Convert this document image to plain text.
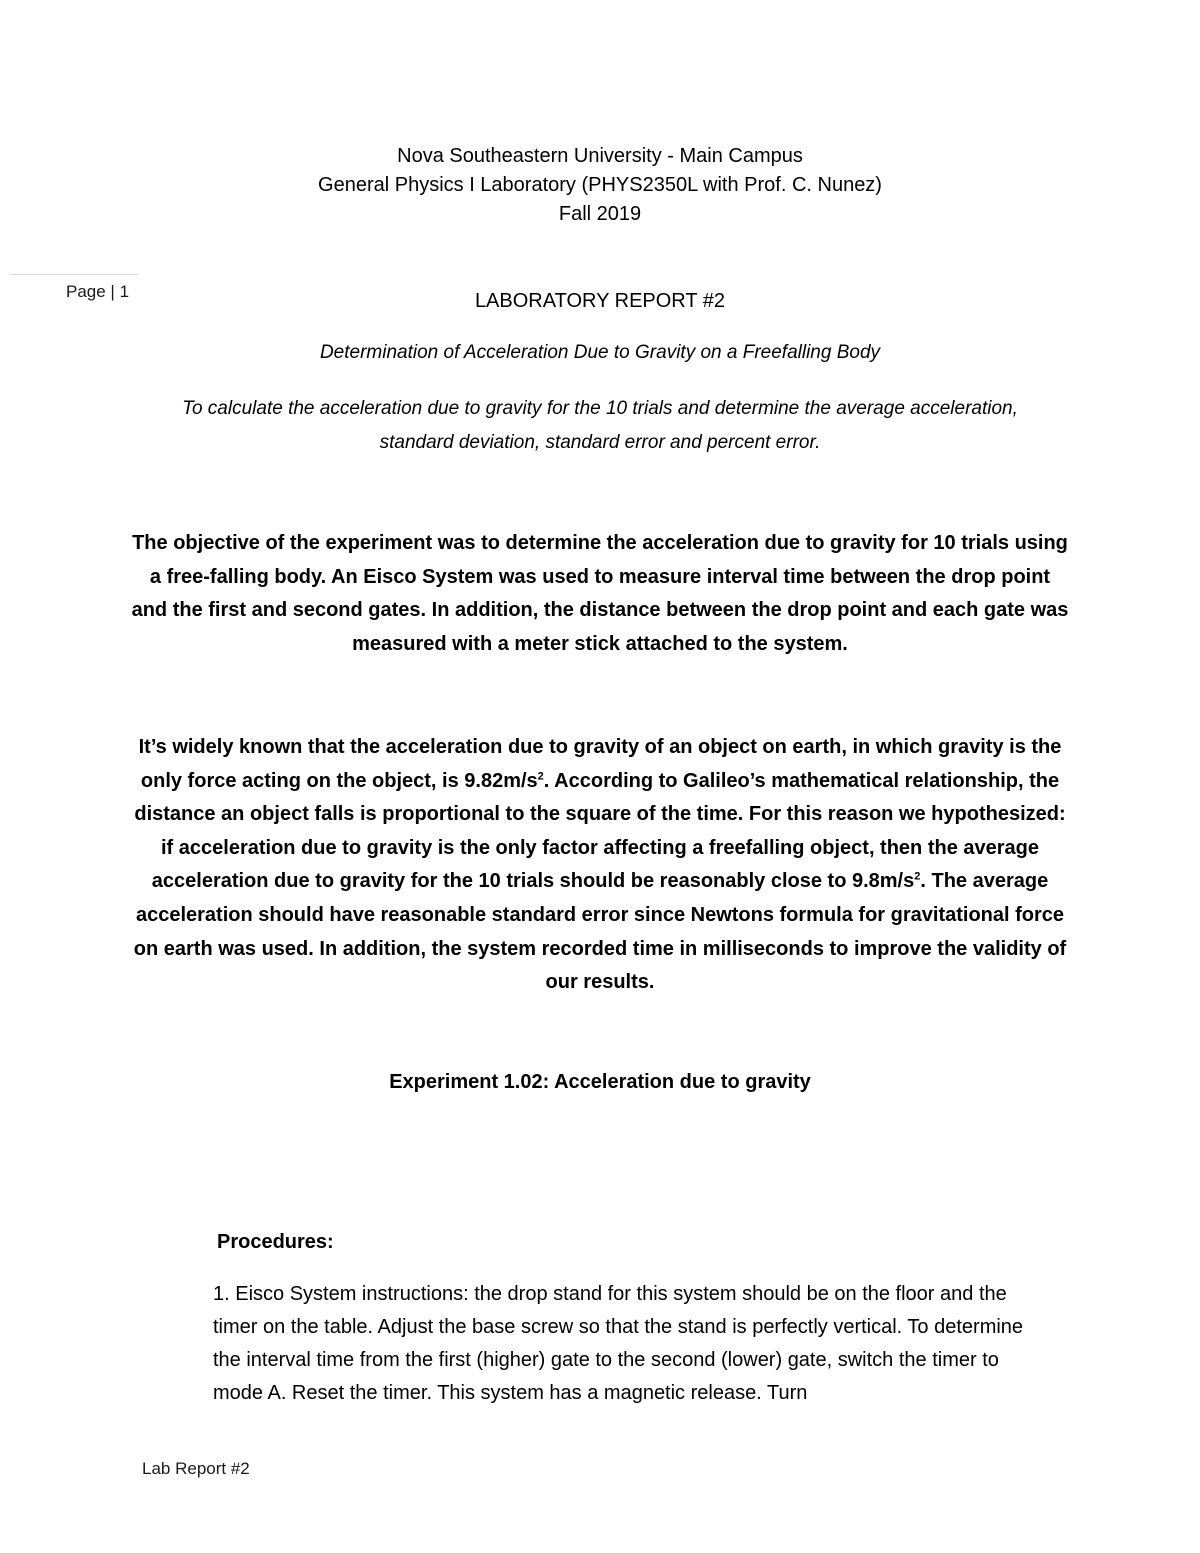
Page | 1
Nova Southeastern University - Main Campus
General Physics I Laboratory (PHYS2350L with Prof. C. Nunez)
Fall 2019
LABORATORY REPORT #2
Determination of Acceleration Due to Gravity on a Freefalling Body
To calculate the acceleration due to gravity for the 10 trials and determine the average acceleration, standard deviation, standard error and percent error.
The objective of the experiment was to determine the acceleration due to gravity for 10 trials using a free-falling body. An Eisco System was used to measure interval time between the drop point and the first and second gates. In addition, the distance between the drop point and each gate was measured with a meter stick attached to the system.
It’s widely known that the acceleration due to gravity of an object on earth, in which gravity is the only force acting on the object, is $9.82m/s^2$. According to Galileo’s mathematical relationship, the distance an object falls is proportional to the square of the time. For this reason we hypothesized: if acceleration due to gravity is the only factor affecting a freefalling object, then the average acceleration due to gravity for the 10 trials should be reasonably close to $9.8m/s^2$. The average acceleration should have reasonable standard error since Newtons formula for gravitational force on earth was used. In addition, the system recorded time in milliseconds to improve the validity of our results.
Experiment 1.02: Acceleration due to gravity
Procedures:
1. Eisco System instructions: the drop stand for this system should be on the floor and the timer on the table. Adjust the base screw so that the stand is perfectly vertical. To determine the interval time from the first (higher) gate to the second (lower) gate, switch the timer to mode A. Reset the timer. This system has a magnetic release. Turn
Lab Report #2
